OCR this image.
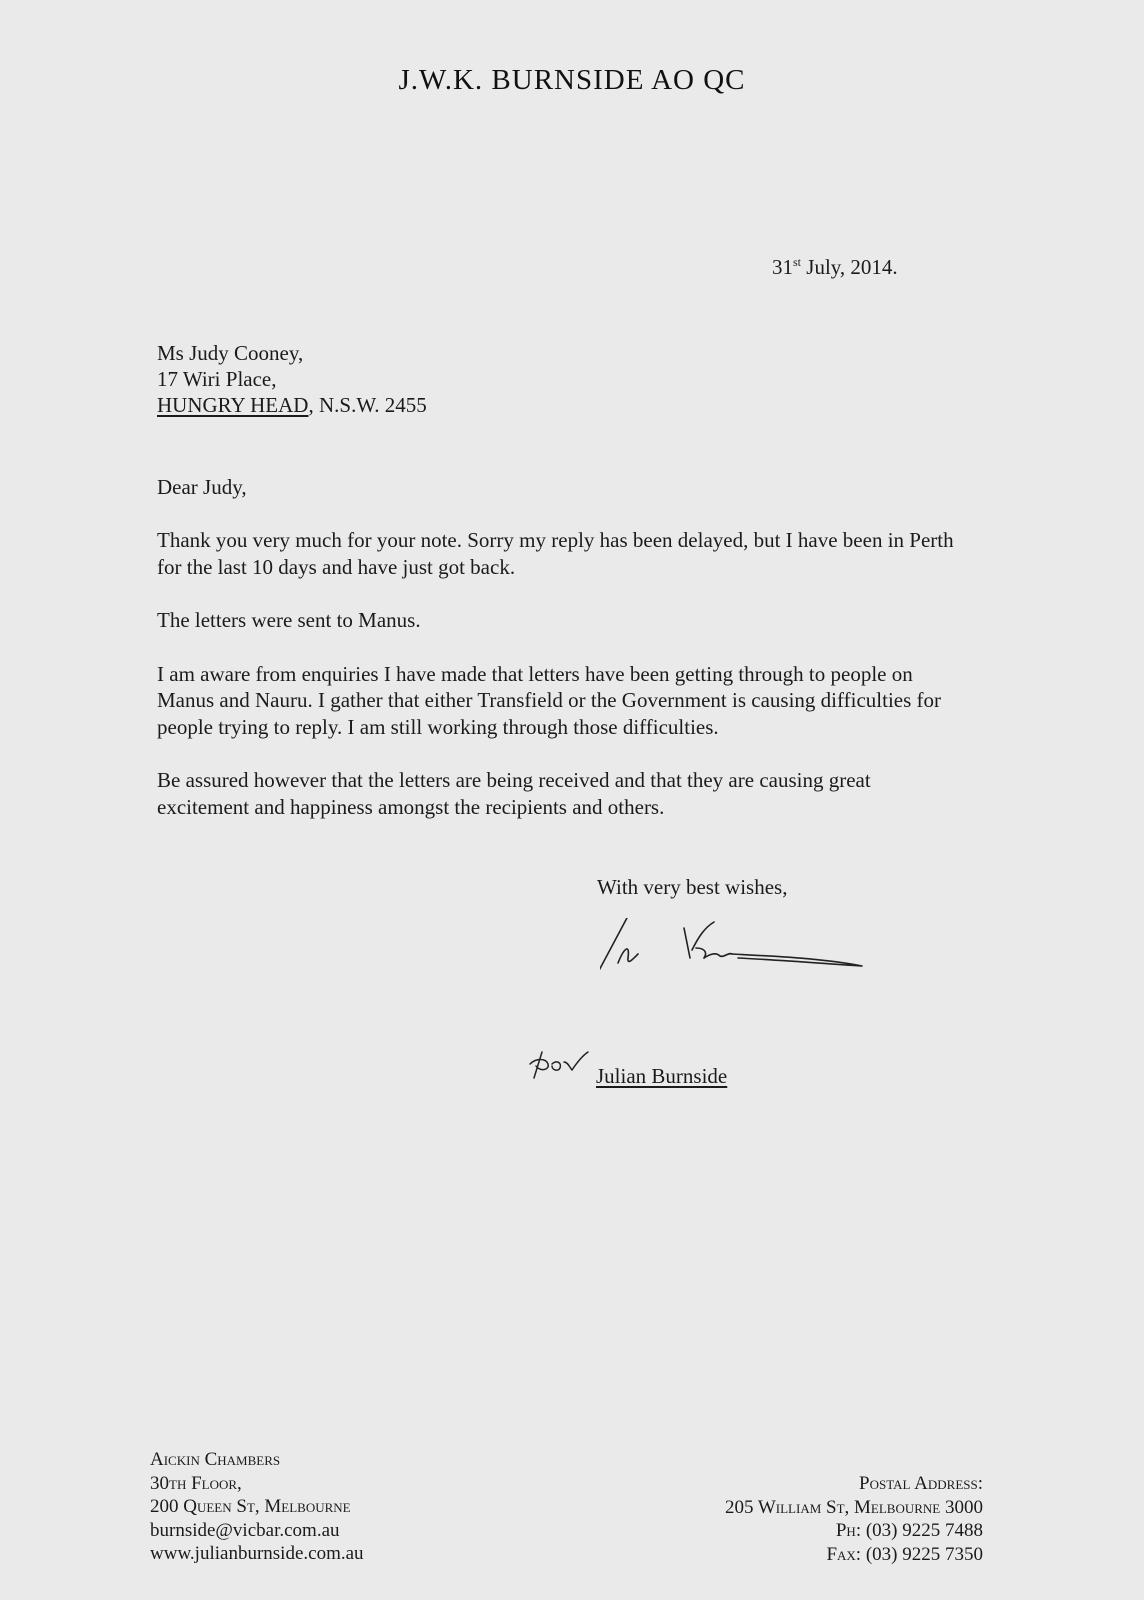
J.W.K. BURNSIDE AO QC
31st July, 2014.
Ms Judy Cooney,
17 Wiri Place,
HUNGRY HEAD, N.S.W. 2455
Dear Judy,

Thank you very much for your note. Sorry my reply has been delayed, but I have been in Perth for the last 10 days and have just got back.

The letters were sent to Manus.

I am aware from enquiries I have made that letters have been getting through to people on Manus and Nauru. I gather that either Transfield or the Government is causing difficulties for people trying to reply. I am still working through those difficulties.

Be assured however that the letters are being received and that they are causing great excitement and happiness amongst the recipients and others.

With very best wishes,
Julian Burnside
Aickin Chambers
30th Floor,
200 Queen St, Melbourne
burnside@vicbar.com.au
www.julianburnside.com.au
Postal Address:
205 William St, Melbourne 3000
Ph: (03) 9225 7488
Fax: (03) 9225 7350
